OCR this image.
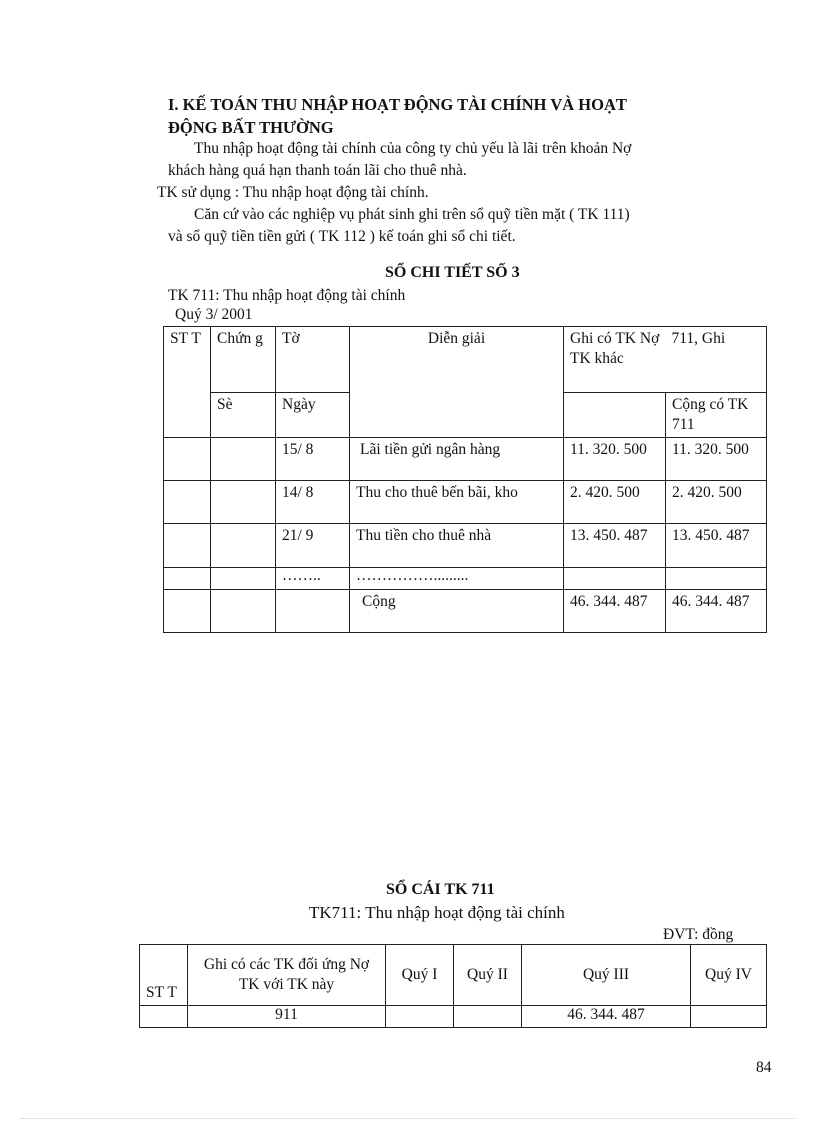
I. KẾ TOÁN THU NHẬP HOẠT ĐỘNG TÀI CHÍNH VÀ HOẠT
ĐỘNG BẤT THƯỜNG
Thu nhập hoạt động tài chính của công ty chủ yếu là lãi trên khoản Nợ
khách hàng quá hạn thanh toán lãi cho thuê nhà.
TK sử dụng : Thu nhập hoạt động tài chính.
Căn cứ vào các nghiệp vụ phát sinh ghi trên sổ quỹ tiền mặt ( TK 111)
và sổ quỹ tiền tiền gửi ( TK 112 ) kế toán ghi sổ chi tiết.
SỔ CHI TIẾT SỐ 3
TK 711: Thu nhập hoạt động tài chính
Quý 3/ 2001
ST T	Chứn g	Tờ	Diễn giải	Ghi có TK Nợ TK khác	711, Ghi
	Sè	Ngày			Cộng có TK 711
		15/ 8	Lãi tiền gửi ngân hàng	11. 320. 500	11. 320. 500
		14/ 8	Thu cho thuê bến bãi, kho	2. 420. 500	2. 420. 500
		21/ 9	Thu tiền cho thuê nhà	13. 450. 487	13. 450. 487
		……..	…………….........		
			Cộng	46. 344. 487	46. 344. 487
SỔ CÁI TK 711
TK711: Thu nhập hoạt động tài chính
ĐVT: đồng
ST T	Ghi có các TK đối ứng Nợ TK với TK này	Quý I	Quý II	Quý III	Quý IV
	911			46. 344. 487	
84
